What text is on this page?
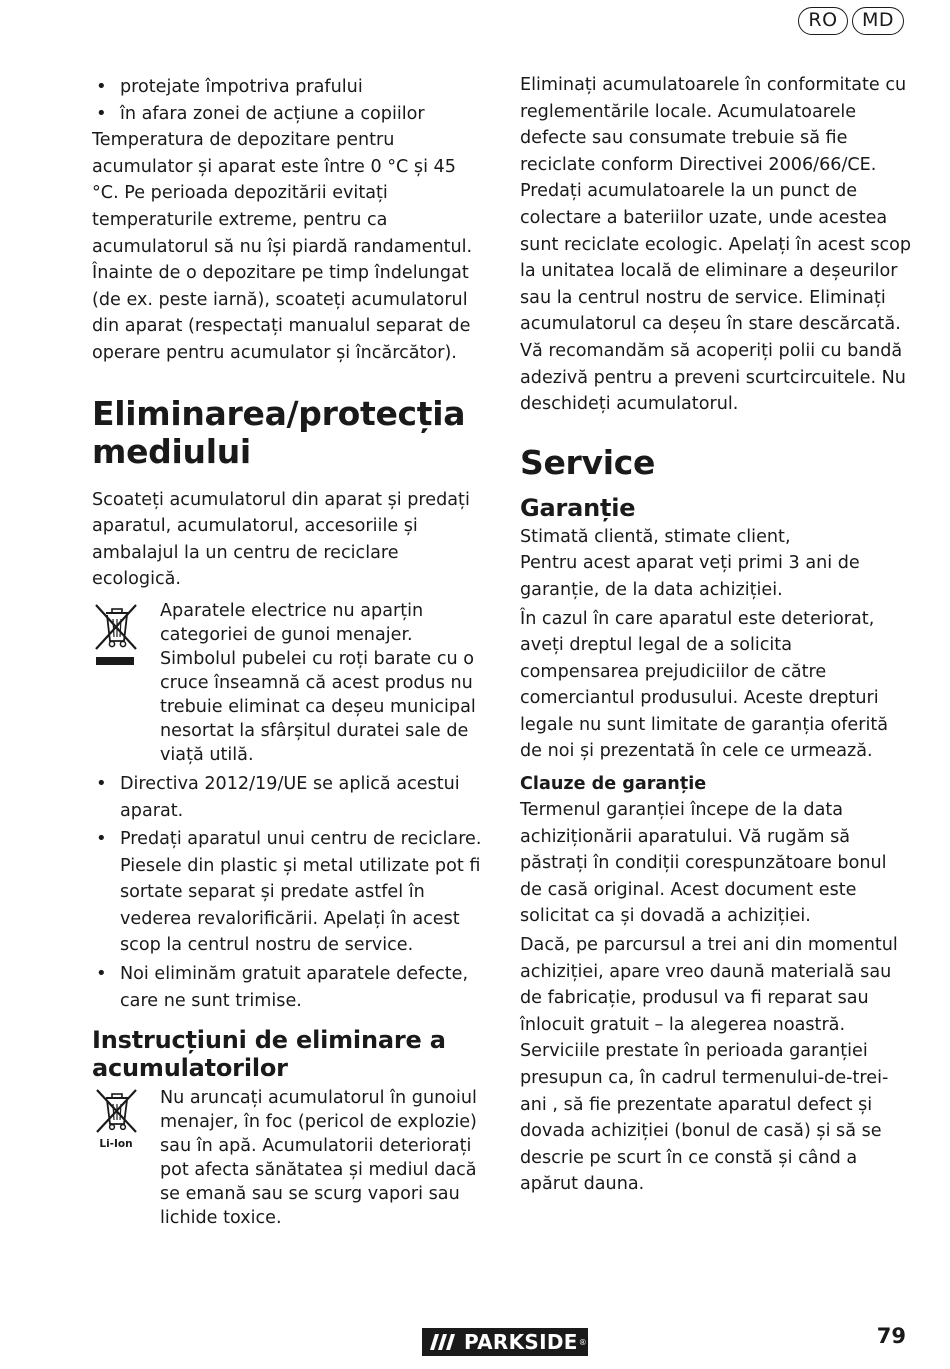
RO	MD
• protejate împotriva prafului
• în afara zonei de acțiune a copiilor

Temperatura de depozitare pentru acumulator și aparat este între 0 °C și 45 °C. Pe perioada depozitării evitați temperaturile extreme, pentru ca acumulatorul să nu își piardă randamentul.

Înainte de o depozitare pe timp îndelungat (de ex. peste iarnă), scoateți acumulatorul din aparat (respectați manualul separat de operare pentru acumulator și încărcător).

Eliminarea/protecția mediului

Scoateți acumulatorul din aparat și predați aparatul, acumulatorul, accesoriile și ambalajul la un centru de reciclare ecologică.

Aparatele electrice nu aparțin categoriei de gunoi menajer. Simbolul pubelei cu roți barate cu o cruce înseamnă că acest produs nu trebuie eliminat ca deșeu municipal nesortat la sfârșitul duratei sale de viață utilă.

• Directiva 2012/19/UE se aplică acestui aparat.
• Predați aparatul unui centru de reciclare. Piesele din plastic și metal utilizate pot fi sortate separat și predate astfel în vederea revalorificării. Apelați în acest scop la centrul nostru de service.
• Noi eliminăm gratuit aparatele defecte, care ne sunt trimise.
Instrucțiuni de eliminare a acumulatorilor
Li-Ion

Nu aruncați acumulatorul în gunoiul menajer, în foc (pericol de explozie) sau în apă. Acumulatorii deteriorați pot afecta sănătatea și mediul dacă se emană sau se scurg vapori sau lichide toxice.

Eliminați acumulatoarele în conformitate cu reglementările locale. Acumulatoarele defecte sau consumate trebuie să fie reciclate conform Directivei 2006/66/CE. Predați acumulatoarele la un punct de colectare a bateriilor uzate, unde acestea sunt reciclate ecologic. Apelați în acest scop la unitatea locală de eliminare a deșeurilor sau la centrul nostru de service. Eliminați acumulatorul ca deșeu în stare descărcată. Vă recomandăm să acoperiți polii cu bandă adezivă pentru a preveni scurtcircuitele. Nu deschideți acumulatorul.

Service
Garanție

Stimată clientă, stimate client,

Pentru acest aparat veți primi 3 ani de garanție, de la data achiziției.

În cazul în care aparatul este deteriorat, aveți dreptul legal de a solicita compensarea prejudiciilor de către comerciantul produsului. Aceste drepturi legale nu sunt limitate de garanția oferită de noi și prezentată în cele ce urmează.

Clauze de garanție

Termenul garanției începe de la data achiziționării aparatului. Vă rugăm să păstrați în condiții corespunzătoare bonul de casă original. Acest document este solicitat ca și dovadă a achiziției.

Dacă, pe parcursul a trei ani din momentul achiziției, apare vreo daună materială sau de fabricație, produsul va fi reparat sau înlocuit gratuit – la alegerea noastră. Serviciile prestate în perioada garanției presupun ca, în cadrul termenului-de-trei-ani , să fie prezentate aparatul defect și dovada achiziției (bonul de casă) și să se descrie pe scurt în ce constă și când a apărut dauna.

PARKSIDE ®	79
